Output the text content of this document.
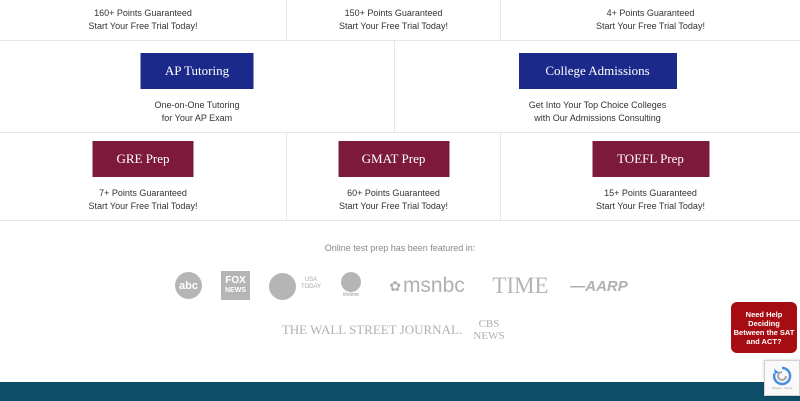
160+ Points Guaranteed
Start Your Free Trial Today!
150+ Points Guaranteed
Start Your Free Trial Today!
4+ Points Guaranteed
Start Your Free Trial Today!
AP Tutoring
One-on-One Tutoring
for Your AP Exam
College Admissions
Get Into Your Top Choice Colleges
with Our Admissions Consulting
GRE Prep
7+ Points Guaranteed
Start Your Free Trial Today!
GMAT Prep
60+ Points Guaranteed
Start Your Free Trial Today!
TOEFL Prep
15+ Points Guaranteed
Start Your Free Trial Today!
Online test prep has been featured in:
abc	FOX
NEWS
USA
TODAY
lifetime
✿ msnbc TIME — AARP
THE WALL STREET JOURNAL. CBS
NEWS
Need Help Deciding Between the SAT and ACT?
Privacy - Terms
